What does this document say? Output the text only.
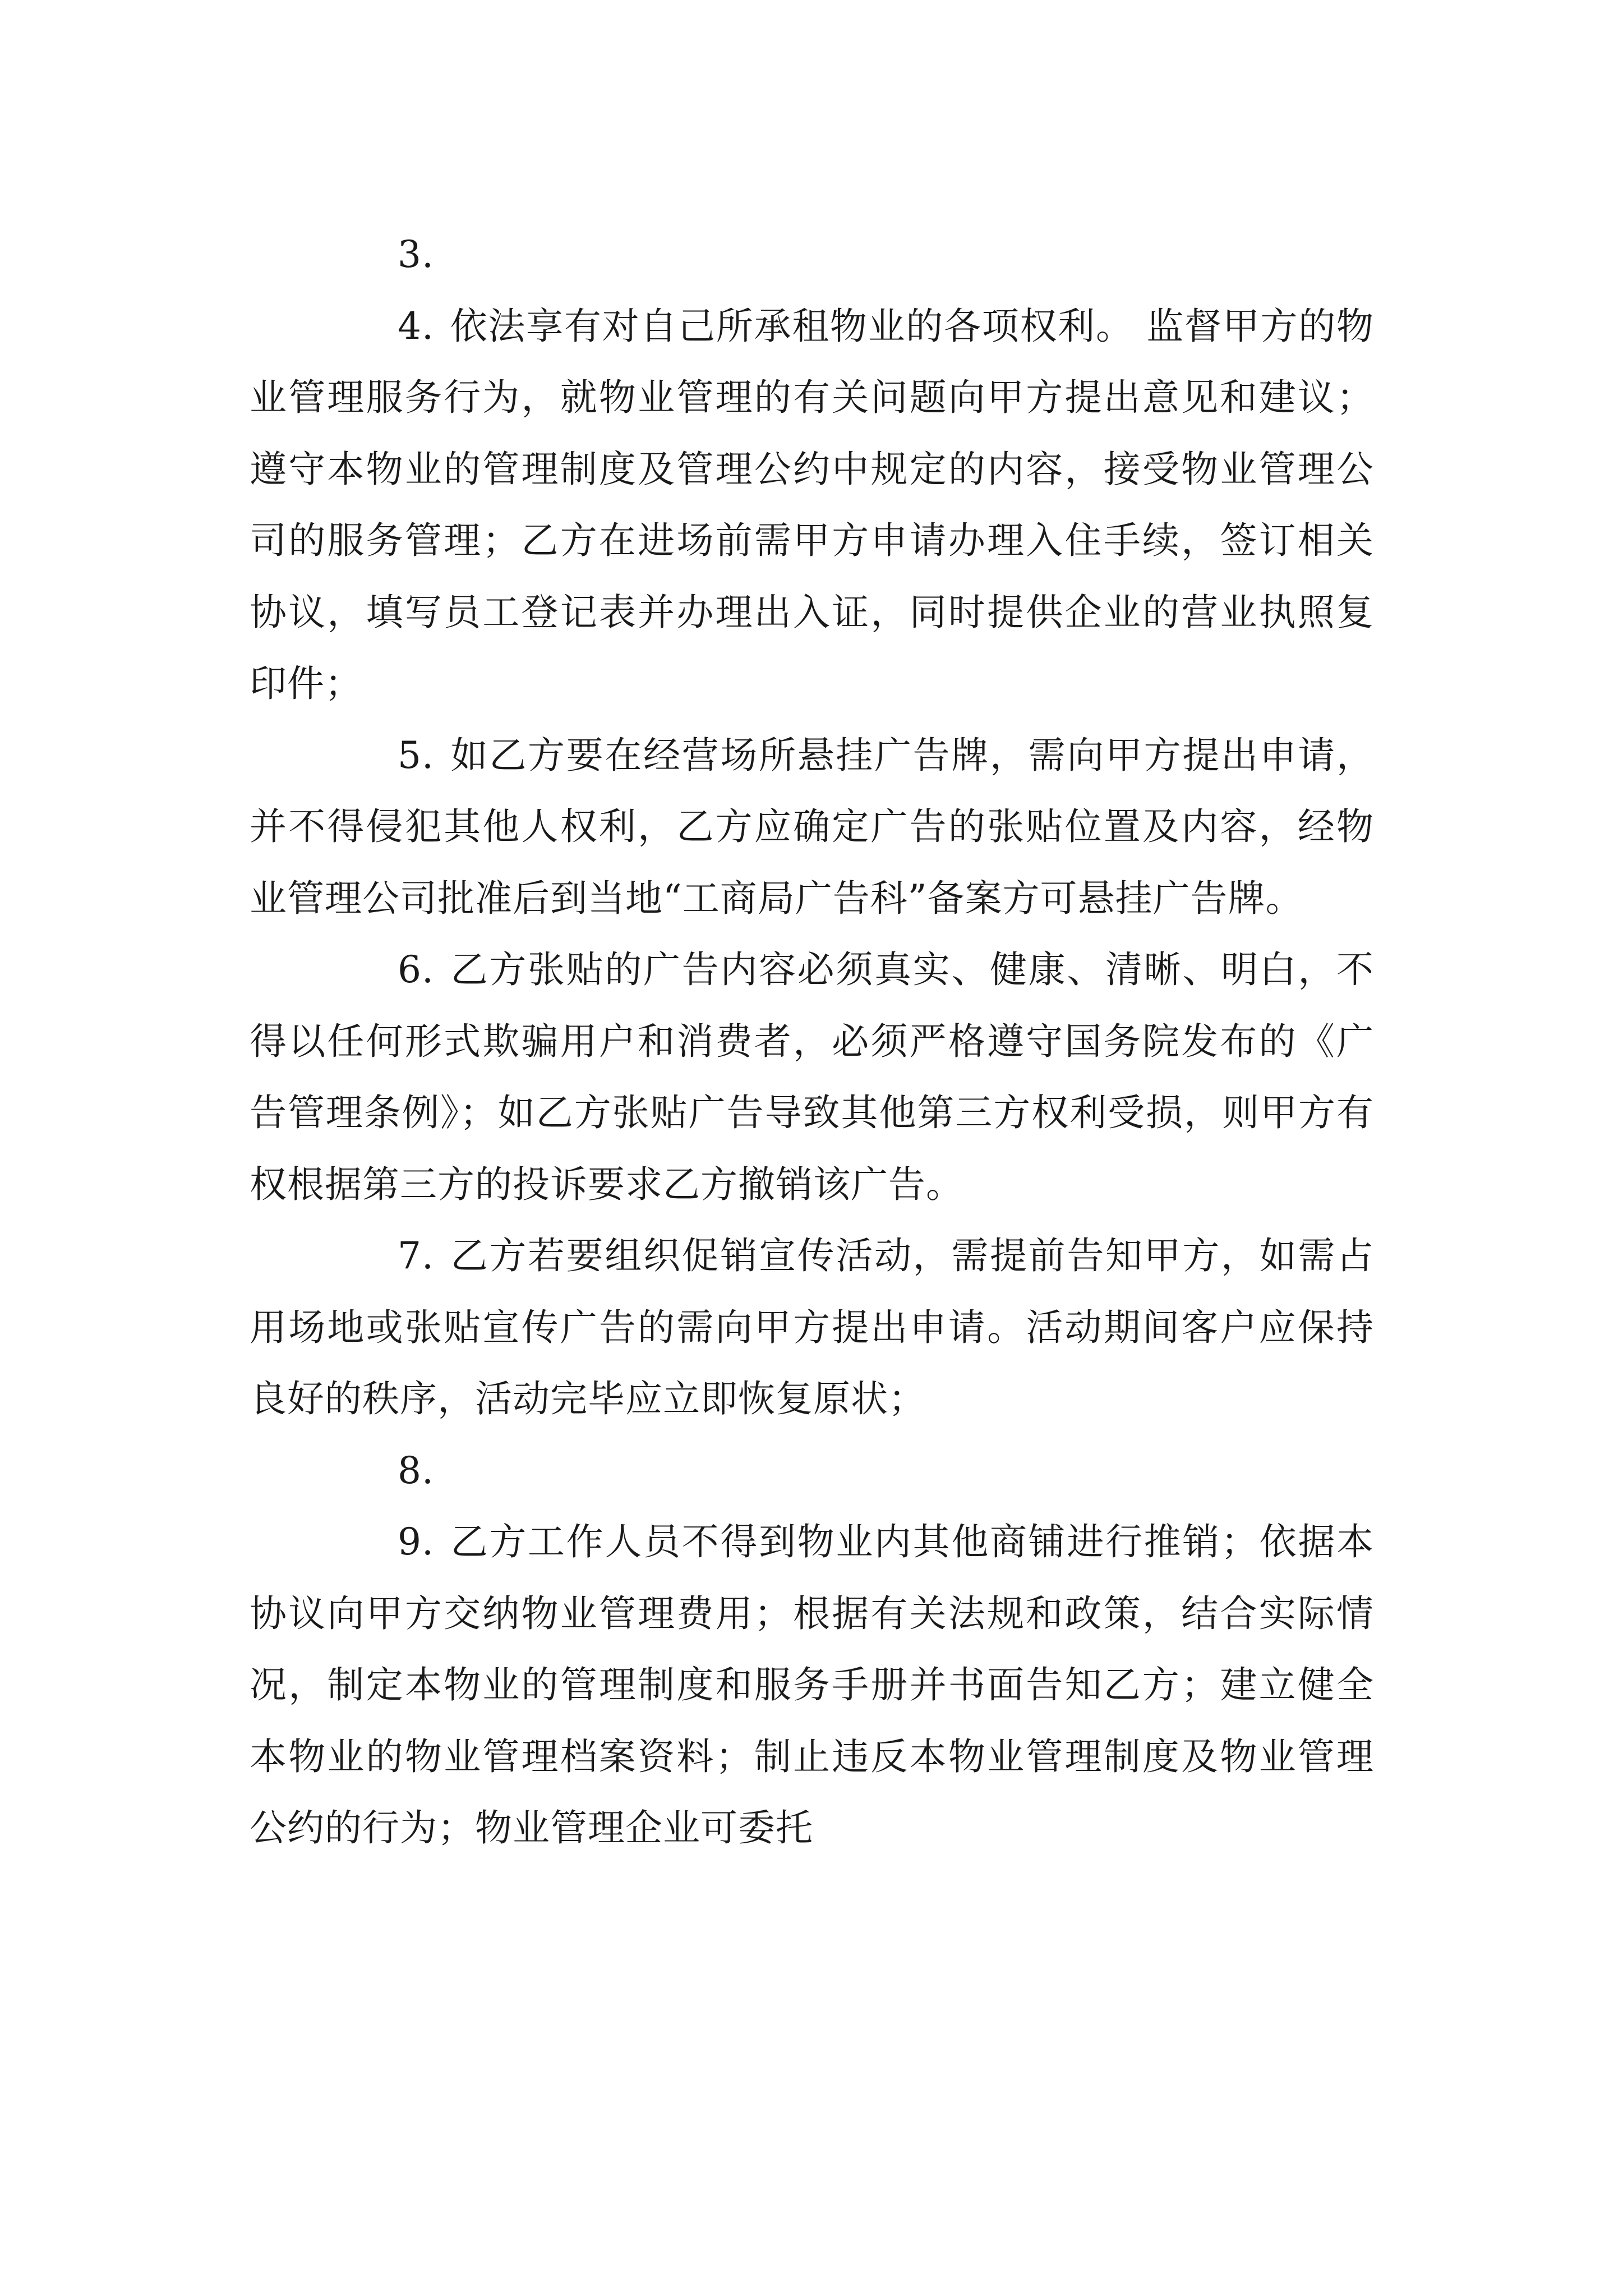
3.

4. 依法享有对自己所承租物业的各项权利。 监督甲方的物业管理服务行为，就物业管理的有关问题向甲方提出意见和建议；遵守本物业的管理制度及管理公约中规定的内容，接受物业管理公司的服务管理；乙方在进场前需甲方申请办理入住手续，签订相关协议，填写员工登记表并办理出入证，同时提供企业的营业执照复印件；

5. 如乙方要在经营场所悬挂广告牌，需向甲方提出申请，并不得侵犯其他人权利，乙方应确定广告的张贴位置及内容，经物业管理公司批准后到当地“工商局广告科”备案方可悬挂广告牌。

6. 乙方张贴的广告内容必须真实、健康、清晰、明白，不得以任何形式欺骗用户和消费者，必须严格遵守国务院发布的《广告管理条例》；如乙方张贴广告导致其他第三方权利受损，则甲方有权根据第三方的投诉要求乙方撤销该广告。

7. 乙方若要组织促销宣传活动，需提前告知甲方，如需占用场地或张贴宣传广告的需向甲方提出申请。活动期间客户应保持良好的秩序，活动完毕应立即恢复原状；

8.

9. 乙方工作人员不得到物业内其他商铺进行推销；依据本协议向甲方交纳物业管理费用；根据有关法规和政策，结合实际情况，制定本物业的管理制度和服务手册并书面告知乙方；建立健全本物业的物业管理档案资料；制止违反本物业管理制度及物业管理公约的行为；物业管理企业可委托
